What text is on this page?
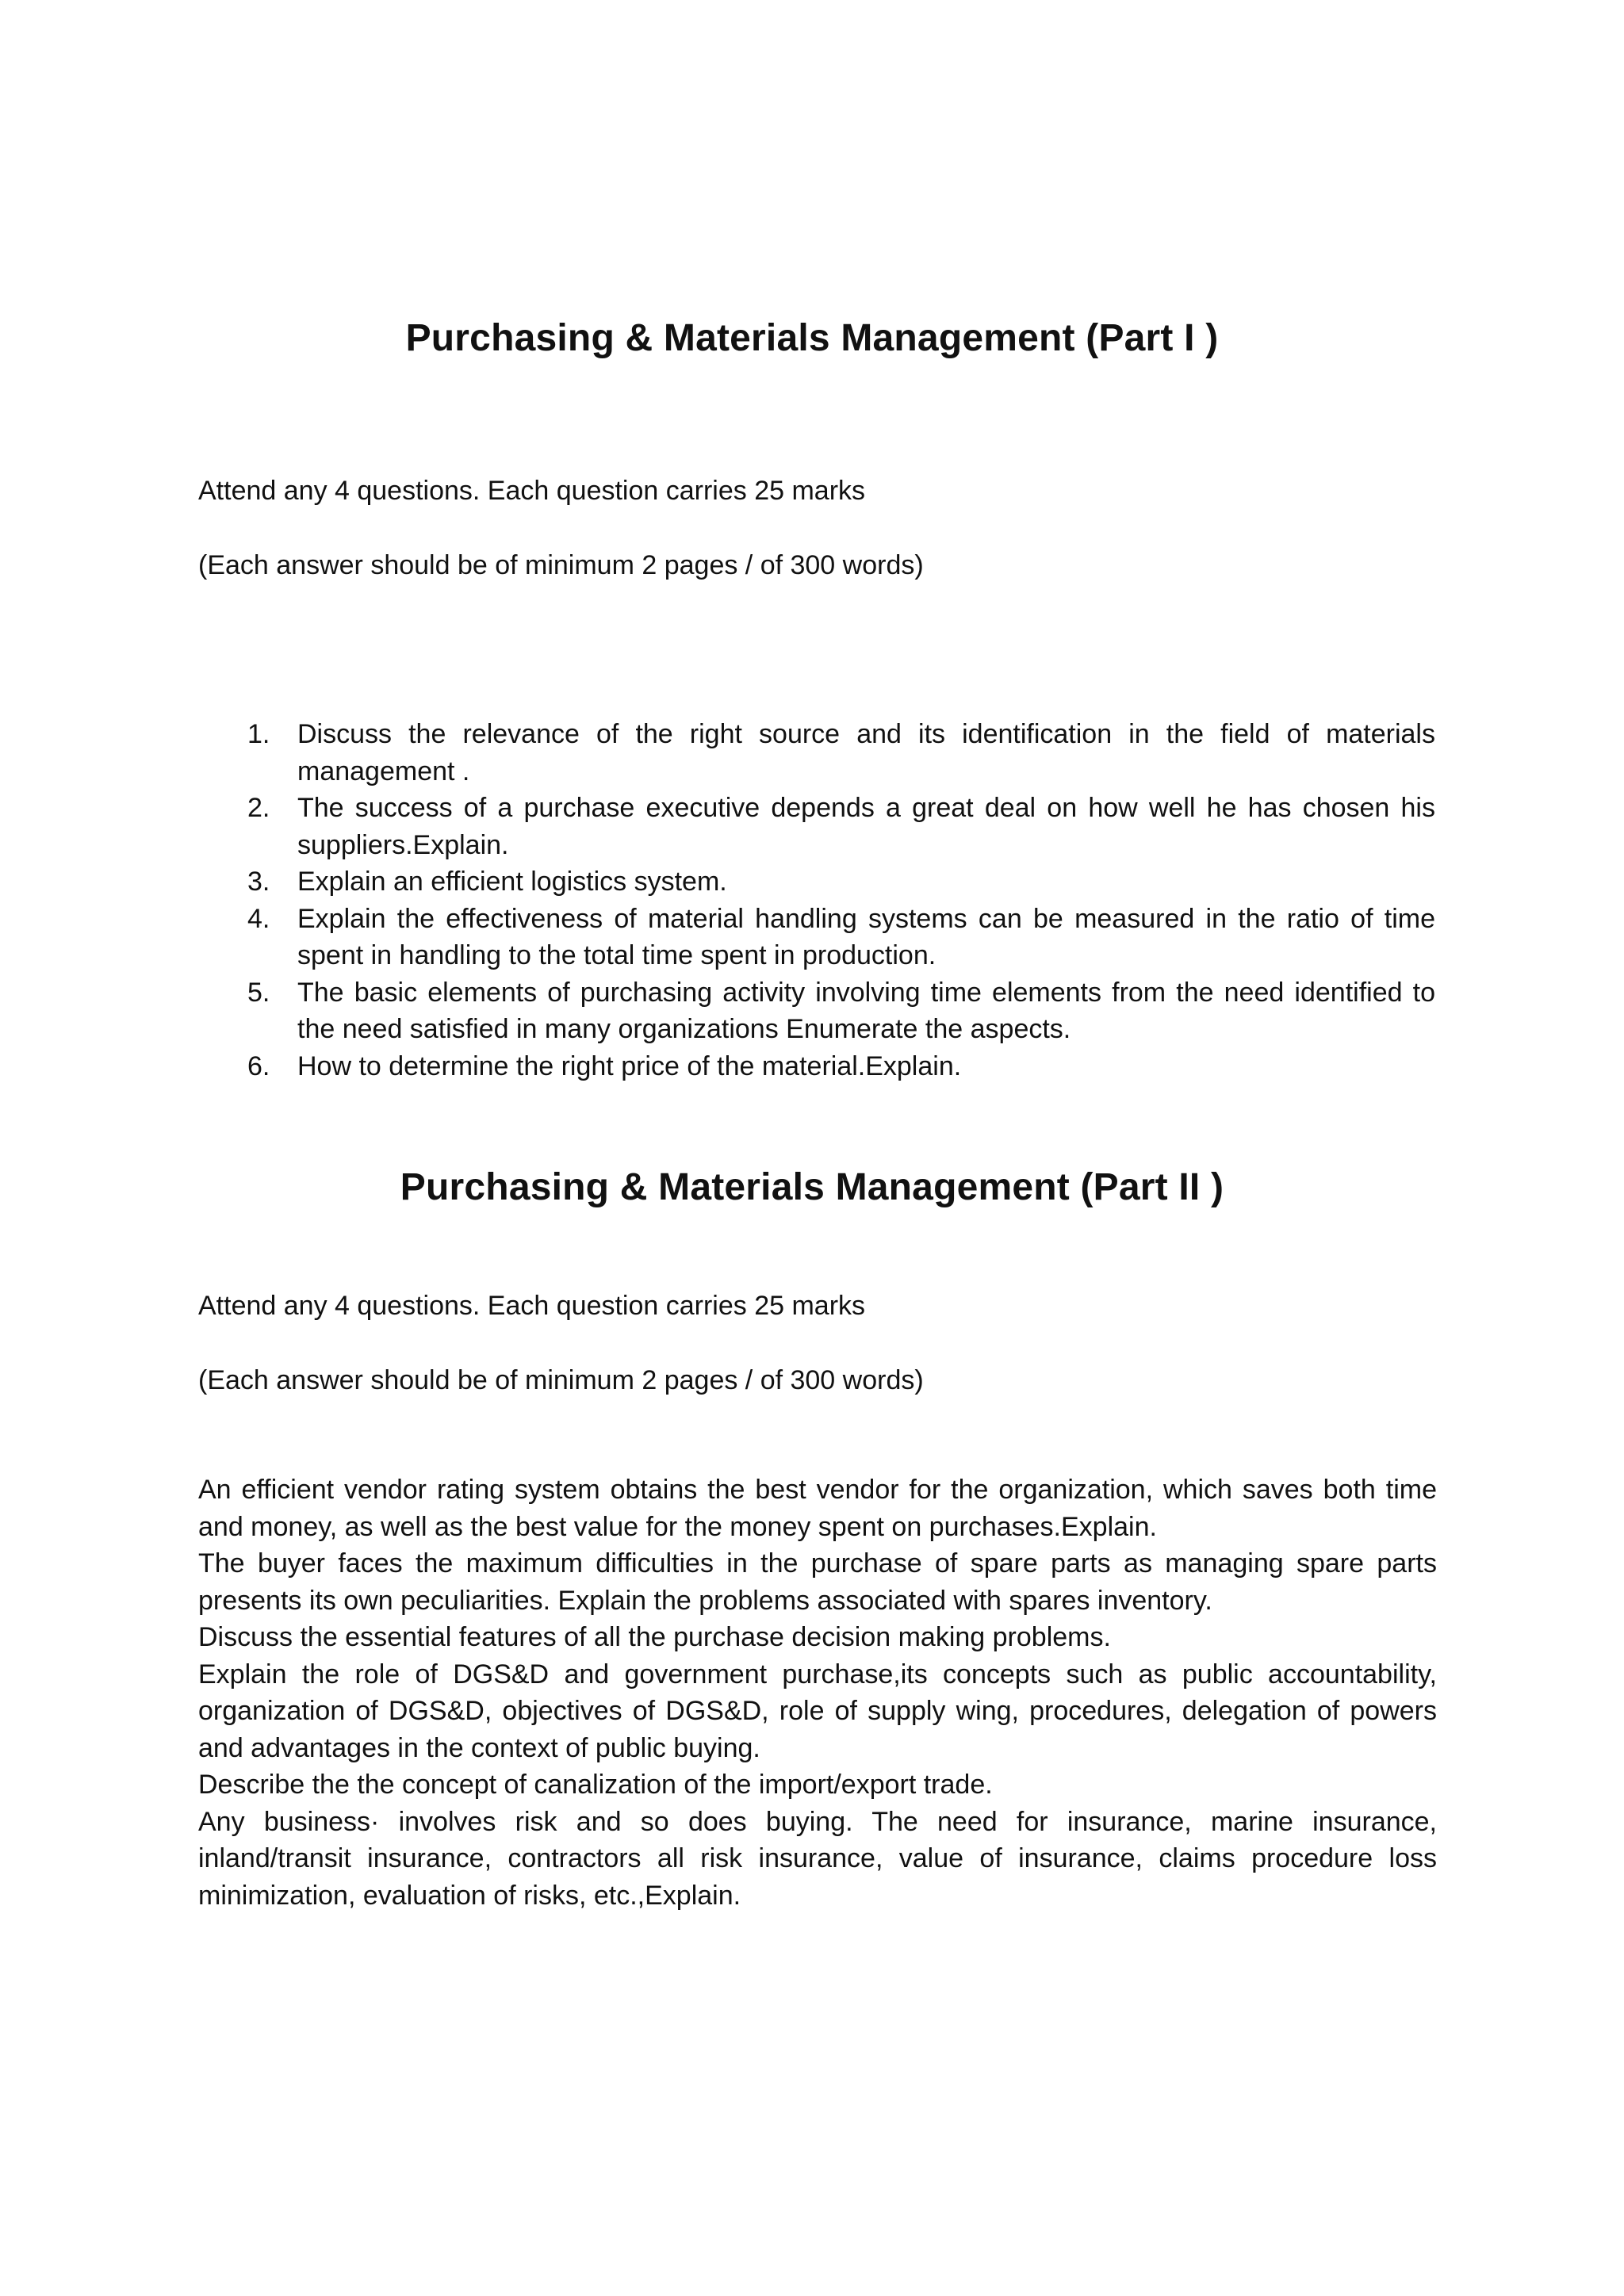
Purchasing & Materials Management (Part I )

Attend any 4 questions. Each question carries 25 marks

(Each answer should be of minimum 2 pages / of 300 words)

1. Discuss the relevance of the right source and its identification in the field of materials management .
2. The success of a purchase executive depends a great deal on how well he has chosen his suppliers.Explain.
3. Explain an efficient logistics system.
4. Explain the effectiveness of material handling systems can be measured in the ratio of time spent in handling to the total time spent in production.
5. The basic elements of purchasing activity involving time elements from the need identified to the need satisfied in many organizations Enumerate the aspects.
6. How to determine the right price of the material.Explain.
Purchasing & Materials Management (Part II )

Attend any 4 questions. Each question carries 25 marks

(Each answer should be of minimum 2 pages / of 300 words)

An efficient vendor rating system obtains the best vendor for the organization, which saves both time and money, as well as the best value for the money spent on purchases.Explain.

The buyer faces the maximum difficulties in the purchase of spare parts as managing spare parts presents its own peculiarities. Explain the problems associated with spares inventory.

Discuss the essential features of all the purchase decision making problems.

Explain the role of DGS&D and government purchase,its concepts such as public accountability, organization of DGS&D, objectives of DGS&D, role of supply wing, procedures, delegation of powers and advantages in the context of public buying.

Describe the the concept of canalization of the import/export trade.

Any business· involves risk and so does buying. The need for insurance, marine insurance, inland/transit insurance, contractors all risk insurance, value of insurance, claims procedure loss minimization, evaluation of risks, etc.,Explain.
